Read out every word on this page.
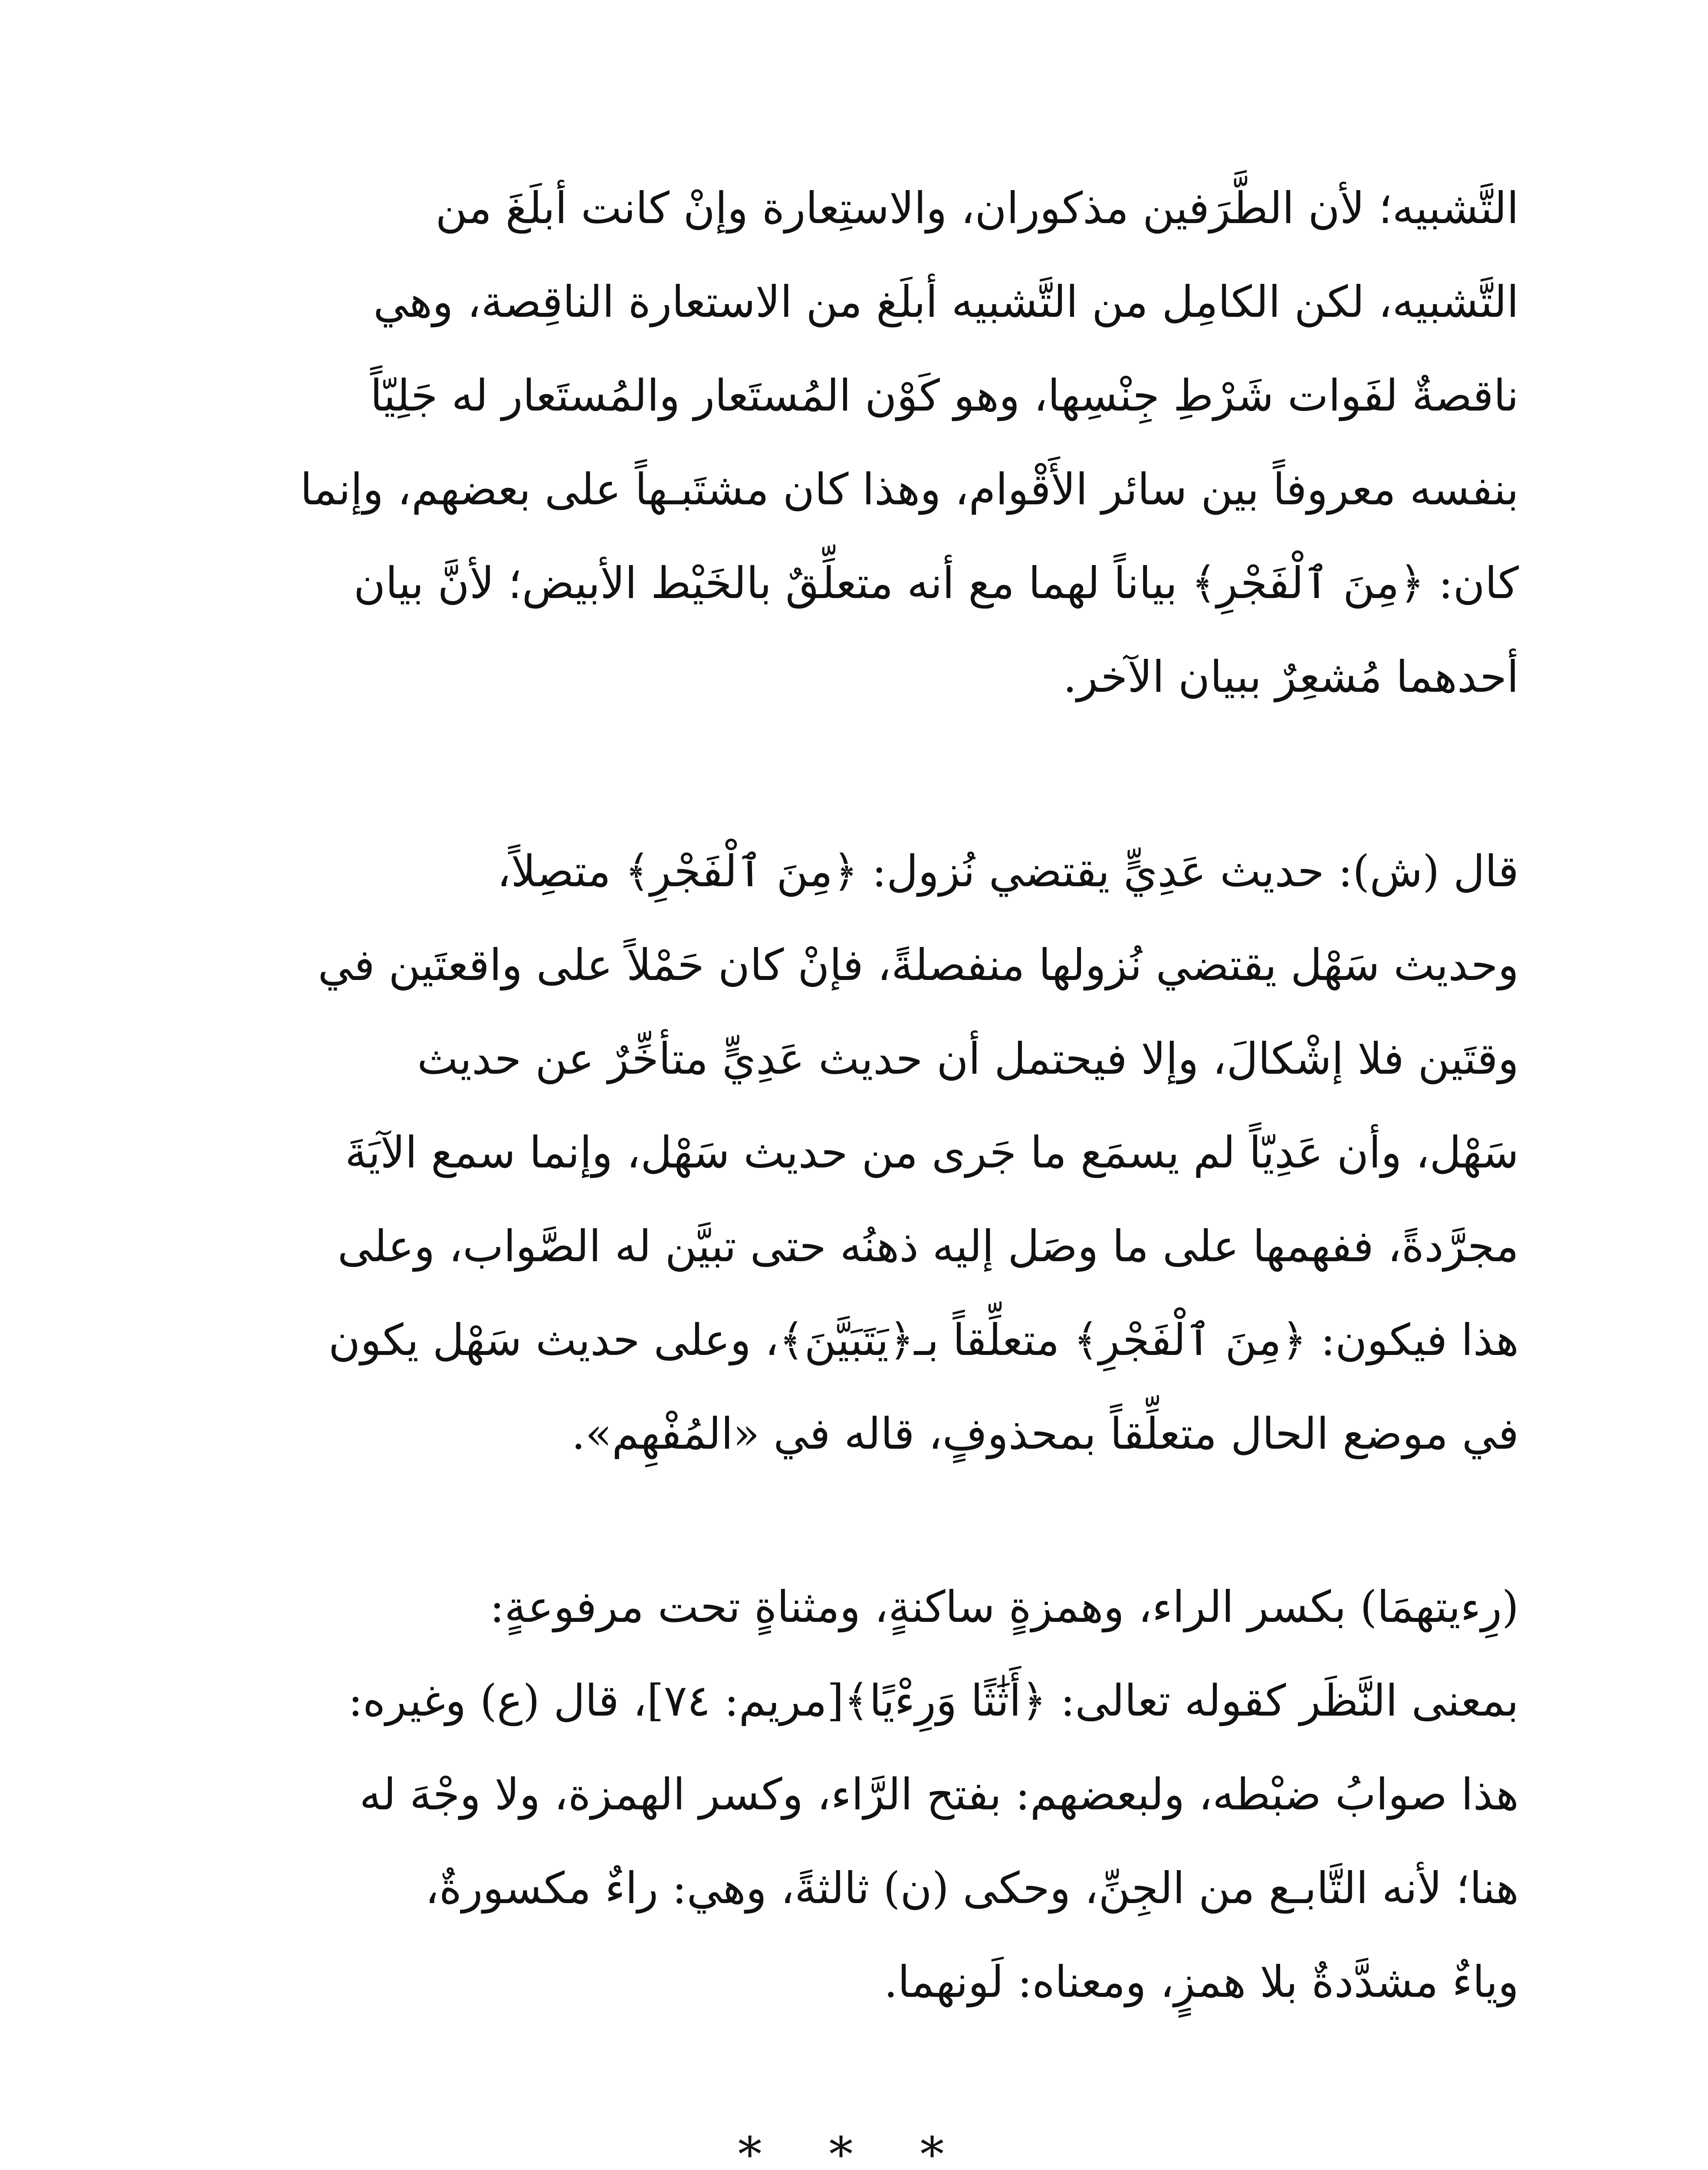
التَّشبيه؛ لأن الطَّرَفين مذكوران، والاستِعارة وإنْ كانت أبلَغَ من
التَّشبيه، لكن الكامِل من التَّشبيه أبلَغ من الاستعارة الناقِصة، وهي
ناقصةٌ لفَوات شَرْطِ جِنْسِها، وهو كَوْن المُستَعار والمُستَعار له جَلِيّاً
بنفسه معروفاً بين سائر الأَقْوام، وهذا كان مشتَبـهاً على بعضهم، وإنما
كان: ﴿مِنَ ٱلْفَجْرِ﴾ بياناً لهما مع أنه متعلِّقٌ بالخَيْط الأبيض؛ لأنَّ بيان
أحدهما مُشعِرٌ ببيان الآخر.
قال (ش): حديث عَدِيٍّ يقتضي نُزول: ﴿مِنَ ٱلْفَجْرِ﴾ متصِلاً،
وحديث سَهْل يقتضي نُزولها منفصلةً، فإنْ كان حَمْلاً على واقعتَين في
وقتَين فلا إشْكالَ، وإلا فيحتمل أن حديث عَدِيٍّ متأخِّرٌ عن حديث
سَهْل، وأن عَدِيّاً لم يسمَع ما جَرى من حديث سَهْل، وإنما سمع الآيَةَ
مجرَّدةً، ففهمها على ما وصَل إليه ذهنُه حتى تبيَّن له الصَّواب، وعلى
هذا فيكون: ﴿مِنَ ٱلْفَجْرِ﴾ متعلِّقاً بـ﴿يَتَبَيَّنَ﴾، وعلى حديث سَهْل يكون
في موضع الحال متعلِّقاً بمحذوفٍ، قاله في «المُفْهِم».
(رِءيتهمَا) بكسر الراء، وهمزةٍ ساكنةٍ، ومثناةٍ تحت مرفوعةٍ:
بمعنى النَّظَر كقوله تعالى: ﴿أَثَٰثًا وَرِءْيًا﴾[مريم: ٧٤]، قال (ع) وغيره:
هذا صوابُ ضبْطه، ولبعضهم: بفتح الرَّاء، وكسر الهمزة، ولا وجْهَ له
هنا؛ لأنه التَّابـع من الجِنِّ، وحكى (ن) ثالثةً، وهي: راءٌ مكسورةٌ،
وياءٌ مشدَّدةٌ بلا همزٍ، ومعناه: لَونهما.
* * *
